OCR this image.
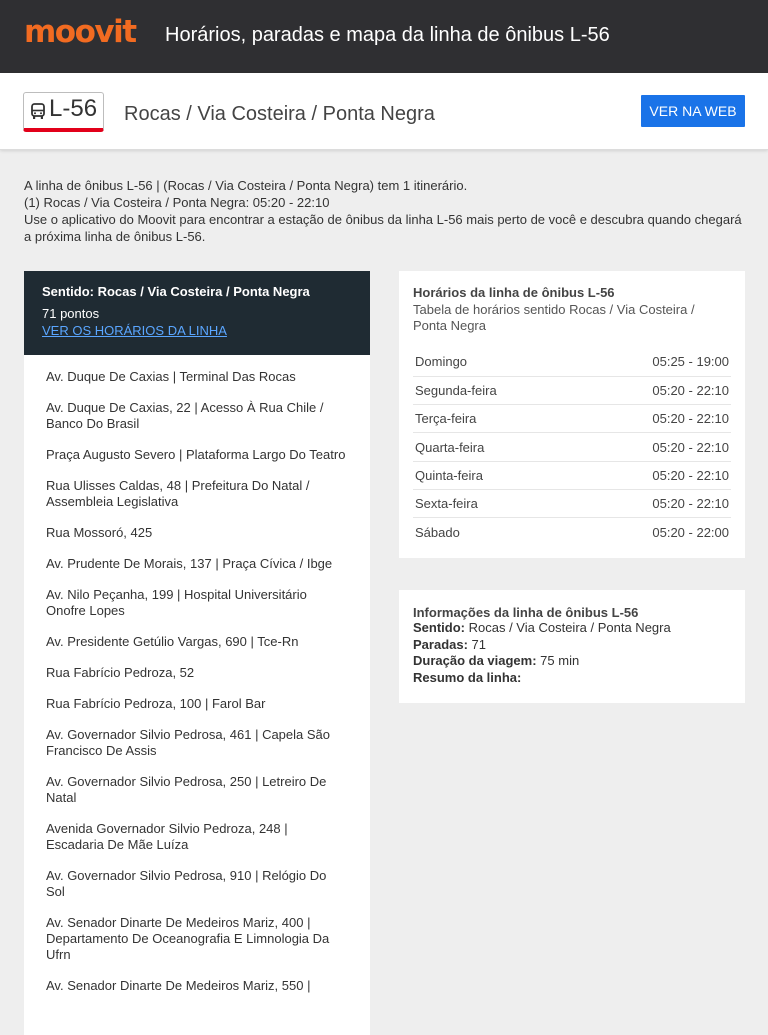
moovit Horários, paradas e mapa da linha de ônibus L-56
L-56 Rocas / Via Costeira / Ponta Negra	VER NA WEB

A linha de ônibus L-56 | (Rocas / Via Costeira / Ponta Negra) tem 1 itinerário.

(1) Rocas / Via Costeira / Ponta Negra: 05:20 - 22:10

Use o aplicativo do Moovit para encontrar a estação de ônibus da linha L-56 mais perto de você e descubra quando chegará a próxima linha de ônibus L-56.

Sentido: Rocas / Via Costeira / Ponta Negra
71 pontos
VER OS HORÁRIOS DA LINHA
Av. Duque De Caxias | Terminal Das Rocas
Av. Duque De Caxias, 22 | Acesso À Rua Chile / Banco Do Brasil
Praça Augusto Severo | Plataforma Largo Do Teatro
Rua Ulisses Caldas, 48 | Prefeitura Do Natal / Assembleia Legislativa
Rua Mossoró, 425
Av. Prudente De Morais, 137 | Praça Cívica / Ibge
Av. Nilo Peçanha, 199 | Hospital Universitário Onofre Lopes
Av. Presidente Getúlio Vargas, 690 | Tce-Rn
Rua Fabrício Pedroza, 52
Rua Fabrício Pedroza, 100 | Farol Bar
Av. Governador Silvio Pedrosa, 461 | Capela São Francisco De Assis
Av. Governador Silvio Pedrosa, 250 | Letreiro De Natal
Avenida Governador Silvio Pedroza, 248 | Escadaria De Mãe Luíza
Av. Governador Silvio Pedrosa, 910 | Relógio Do Sol
Av. Senador Dinarte De Medeiros Mariz, 400 | Departamento De Oceanografia E Limnologia Da Ufrn
Av. Senador Dinarte De Medeiros Mariz, 550 |
Horários da linha de ônibus L-56
Tabela de horários sentido Rocas / Via Costeira / Ponta Negra
Domingo	05:25 - 19:00
Segunda-feira	05:20 - 22:10
Terça-feira	05:20 - 22:10
Quarta-feira	05:20 - 22:10
Quinta-feira	05:20 - 22:10
Sexta-feira	05:20 - 22:10
Sábado	05:20 - 22:00
Informações da linha de ônibus L-56
Sentido: Rocas / Via Costeira / Ponta Negra
Paradas: 71
Duração da viagem: 75 min
Resumo da linha:
